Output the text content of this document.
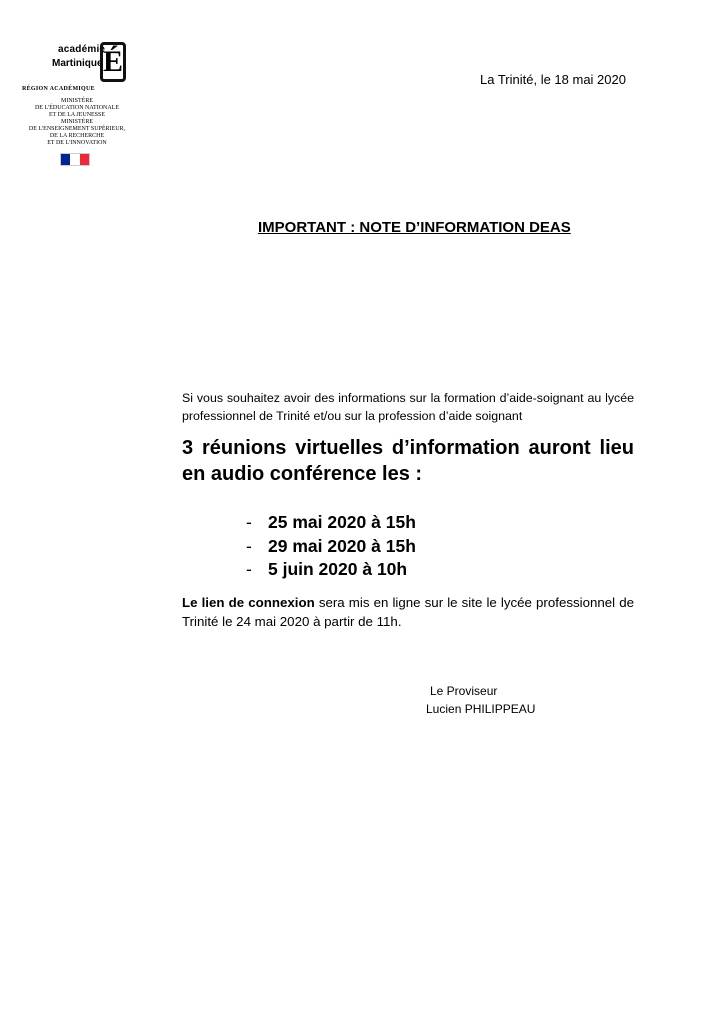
académie
Martinique É
RÉGION ACADÉMIQUE
MINISTÈRE
DE L'ÉDUCATION NATIONALE
ET DE LA JEUNESSE
MINISTÈRE
DE L'ENSEIGNEMENT SUPÉRIEUR,
DE LA RECHERCHE
ET DE L'INNOVATION
La Trinité, le 18 mai 2020
IMPORTANT : NOTE D’INFORMATION DEAS
Si vous souhaitez avoir des informations sur la formation d’aide-soignant au lycée professionnel de Trinité et/ou sur la profession d’aide soignant
3 réunions virtuelles d’information auront lieu en audio conférence les :
- 25 mai 2020 à 15h
- 29 mai 2020 à 15h
- 5 juin 2020 à 10h
Le lien de connexion sera mis en ligne sur le site le lycée professionnel de Trinité le 24 mai 2020 à partir de 11h.
Le Proviseur
Lucien PHILIPPEAU
